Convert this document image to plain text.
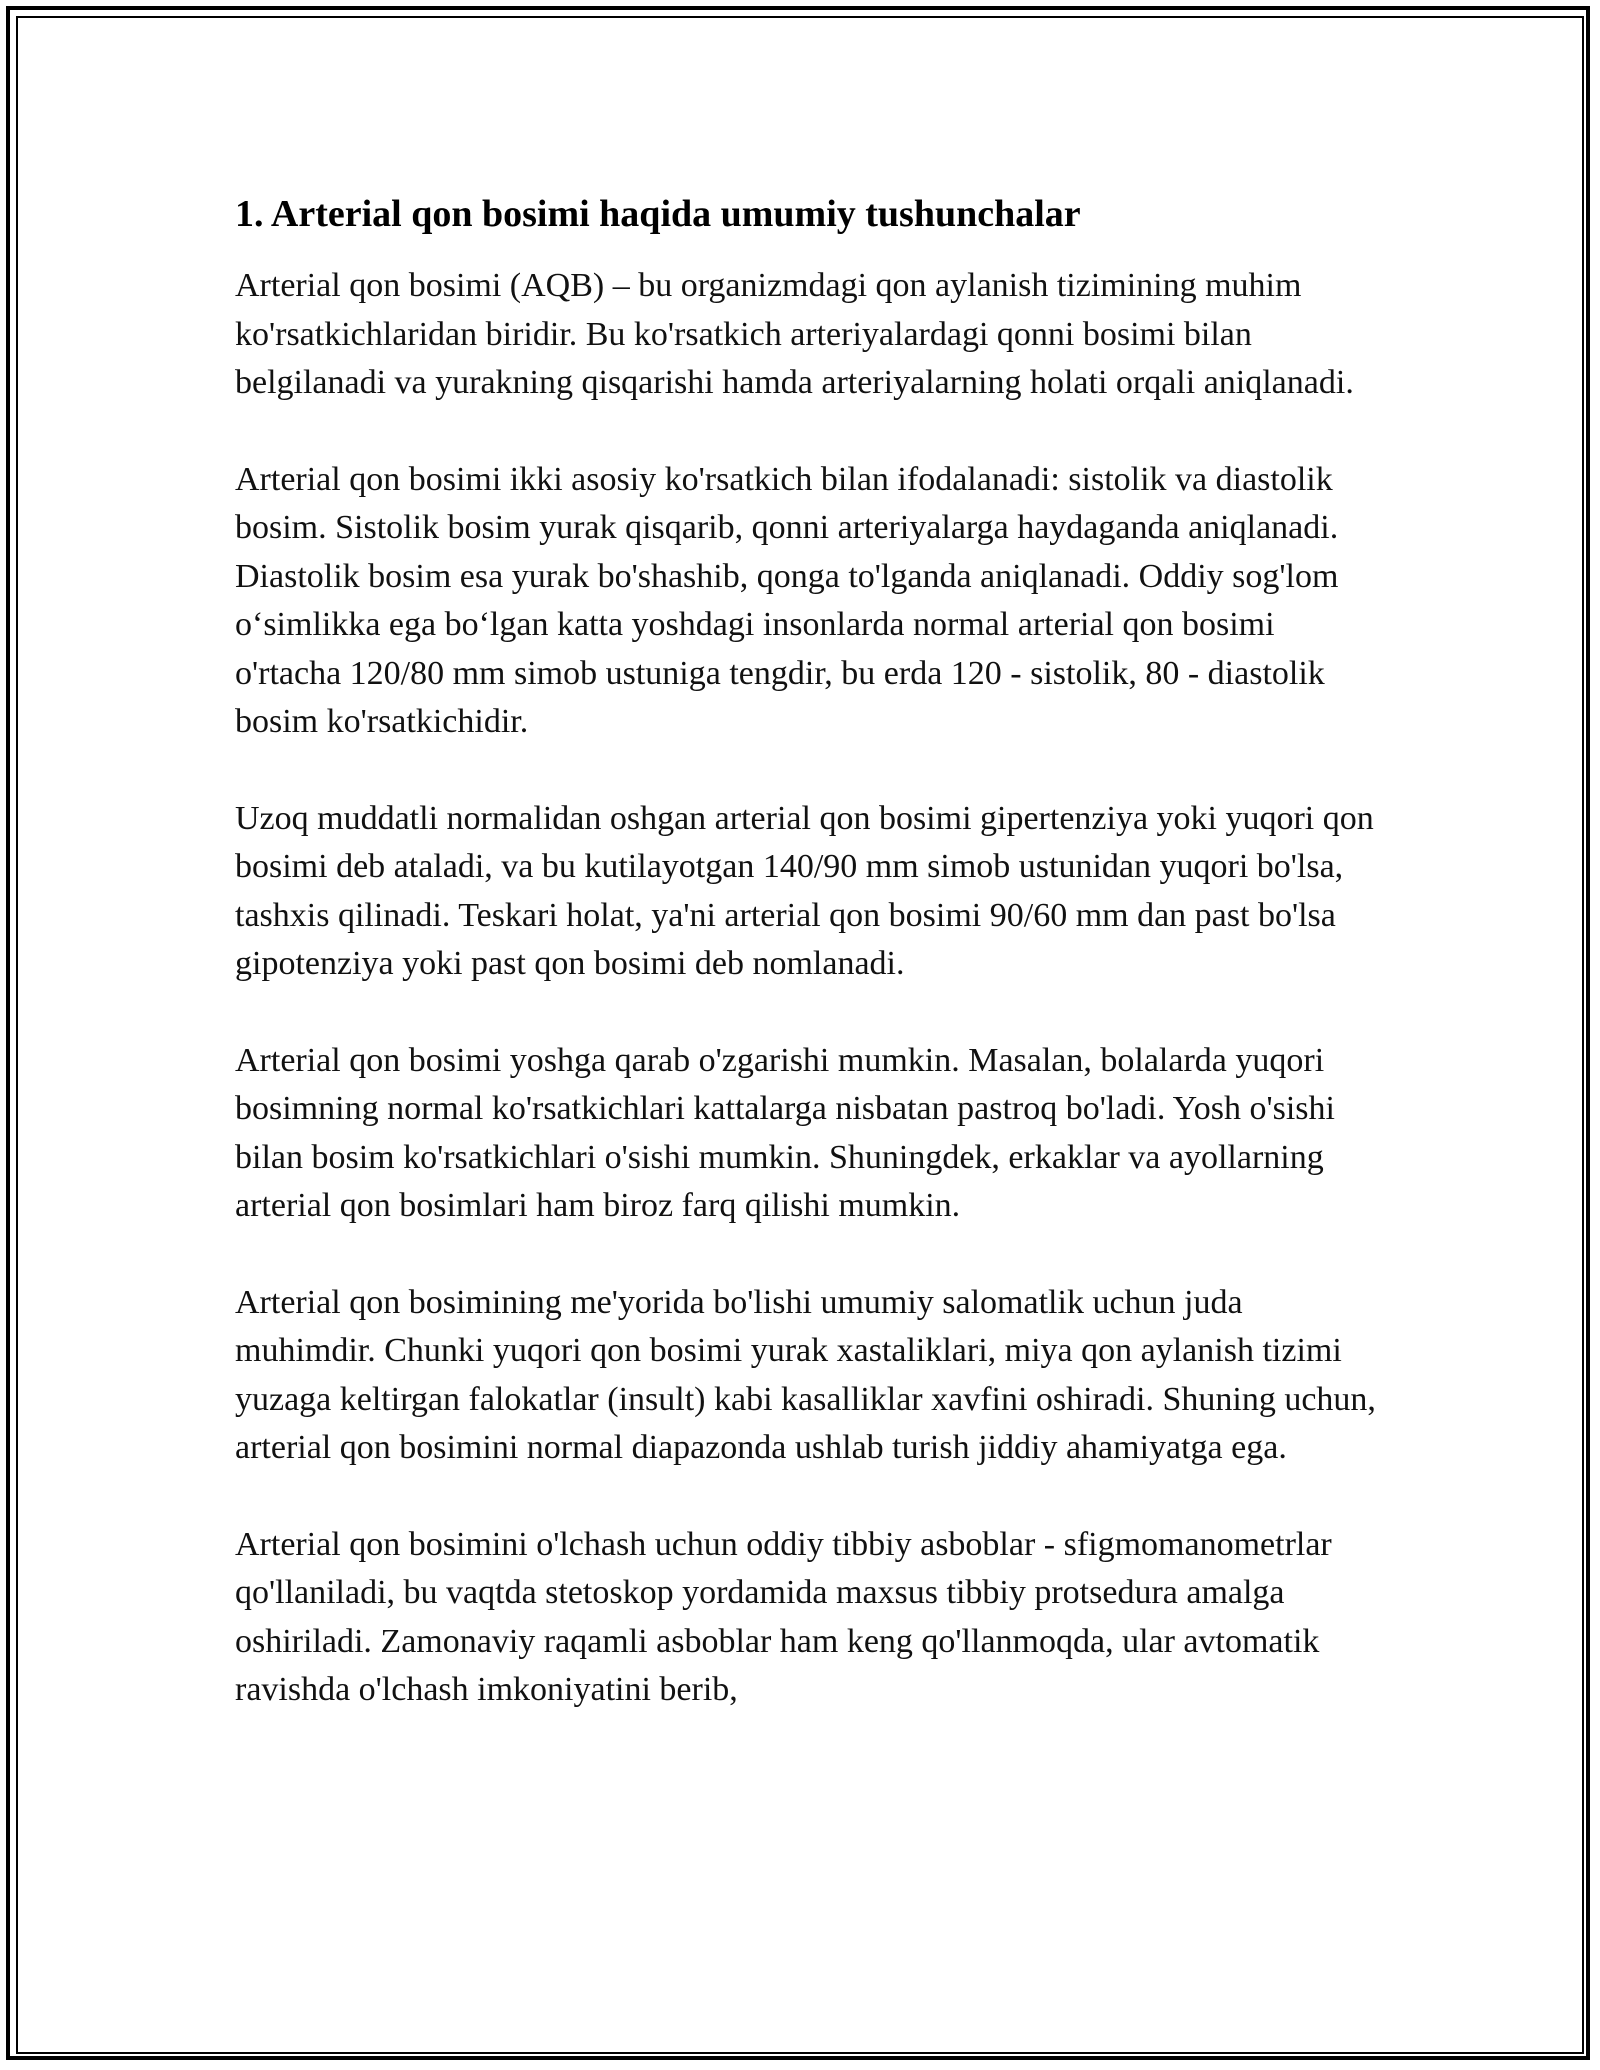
1. Arterial qon bosimi haqida umumiy tushunchalar

Arterial qon bosimi (AQB) – bu organizmdagi qon aylanish tizimining muhim ko'rsatkichlaridan biridir. Bu ko'rsatkich arteriyalardagi qonni bosimi bilan belgilanadi va yurakning qisqarishi hamda arteriyalarning holati orqali aniqlanadi.

Arterial qon bosimi ikki asosiy ko'rsatkich bilan ifodalanadi: sistolik va diastolik bosim. Sistolik bosim yurak qisqarib, qonni arteriyalarga haydaganda aniqlanadi. Diastolik bosim esa yurak bo'shashib, qonga to'lganda aniqlanadi. Oddiy sog'lom o‘simlikka ega bo‘lgan katta yoshdagi insonlarda normal arterial qon bosimi o'rtacha 120/80 mm simob ustuniga tengdir, bu erda 120 - sistolik, 80 - diastolik bosim ko'rsatkichidir.

Uzoq muddatli normalidan oshgan arterial qon bosimi gipertenziya yoki yuqori qon bosimi deb ataladi, va bu kutilayotgan 140/90 mm simob ustunidan yuqori bo'lsa, tashxis qilinadi. Teskari holat, ya'ni arterial qon bosimi 90/60 mm dan past bo'lsa gipotenziya yoki past qon bosimi deb nomlanadi.

Arterial qon bosimi yoshga qarab o'zgarishi mumkin. Masalan, bolalarda yuqori bosimning normal ko'rsatkichlari kattalarga nisbatan pastroq bo'ladi. Yosh o'sishi bilan bosim ko'rsatkichlari o'sishi mumkin. Shuningdek, erkaklar va ayollarning arterial qon bosimlari ham biroz farq qilishi mumkin.

Arterial qon bosimining me'yorida bo'lishi umumiy salomatlik uchun juda muhimdir. Chunki yuqori qon bosimi yurak xastaliklari, miya qon aylanish tizimi yuzaga keltirgan falokatlar (insult) kabi kasalliklar xavfini oshiradi. Shuning uchun, arterial qon bosimini normal diapazonda ushlab turish jiddiy ahamiyatga ega.

Arterial qon bosimini o'lchash uchun oddiy tibbiy asboblar - sfigmomanometrlar qo'llaniladi, bu vaqtda stetoskop yordamida maxsus tibbiy protsedura amalga oshiriladi. Zamonaviy raqamli asboblar ham keng qo'llanmoqda, ular avtomatik ravishda o'lchash imkoniyatini berib,
